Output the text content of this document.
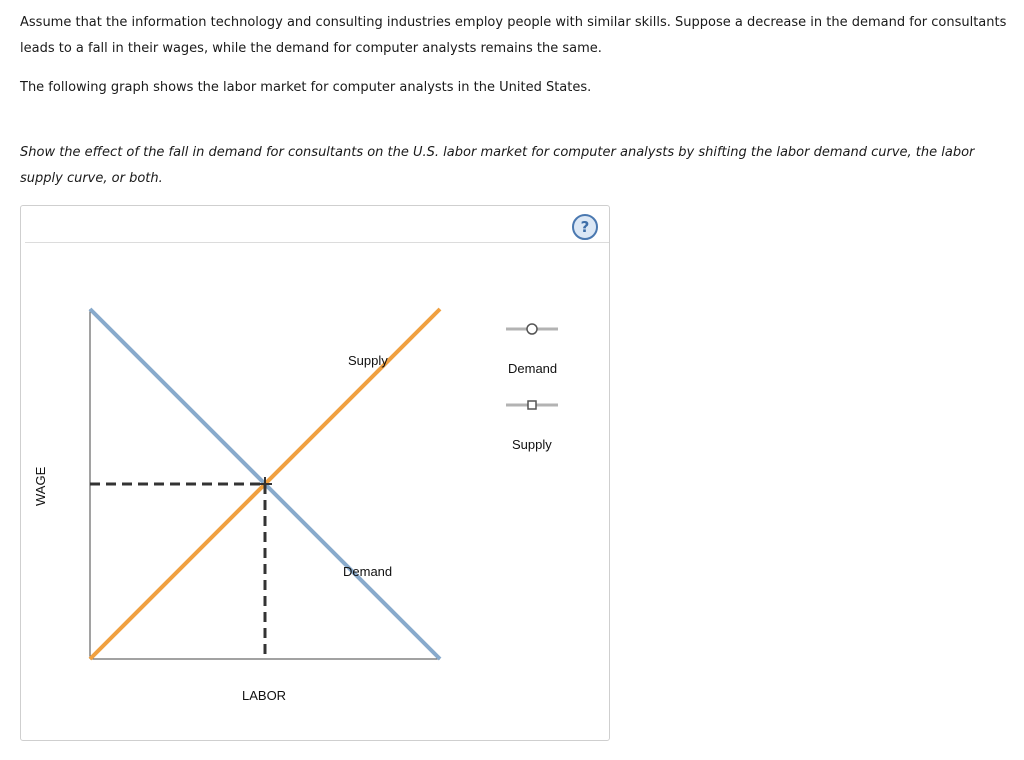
Assume that the information technology and consulting industries employ people with similar skills. Suppose a decrease in the demand for consultants leads to a fall in their wages, while the demand for computer analysts remains the same.

The following graph shows the labor market for computer analysts in the United States.

Show the effect of the fall in demand for consultants on the U.S. labor market for computer analysts by shifting the labor demand curve, the labor supply curve, or both.

?
Supply
Demand
LABOR
WAGE
Demand
Supply
